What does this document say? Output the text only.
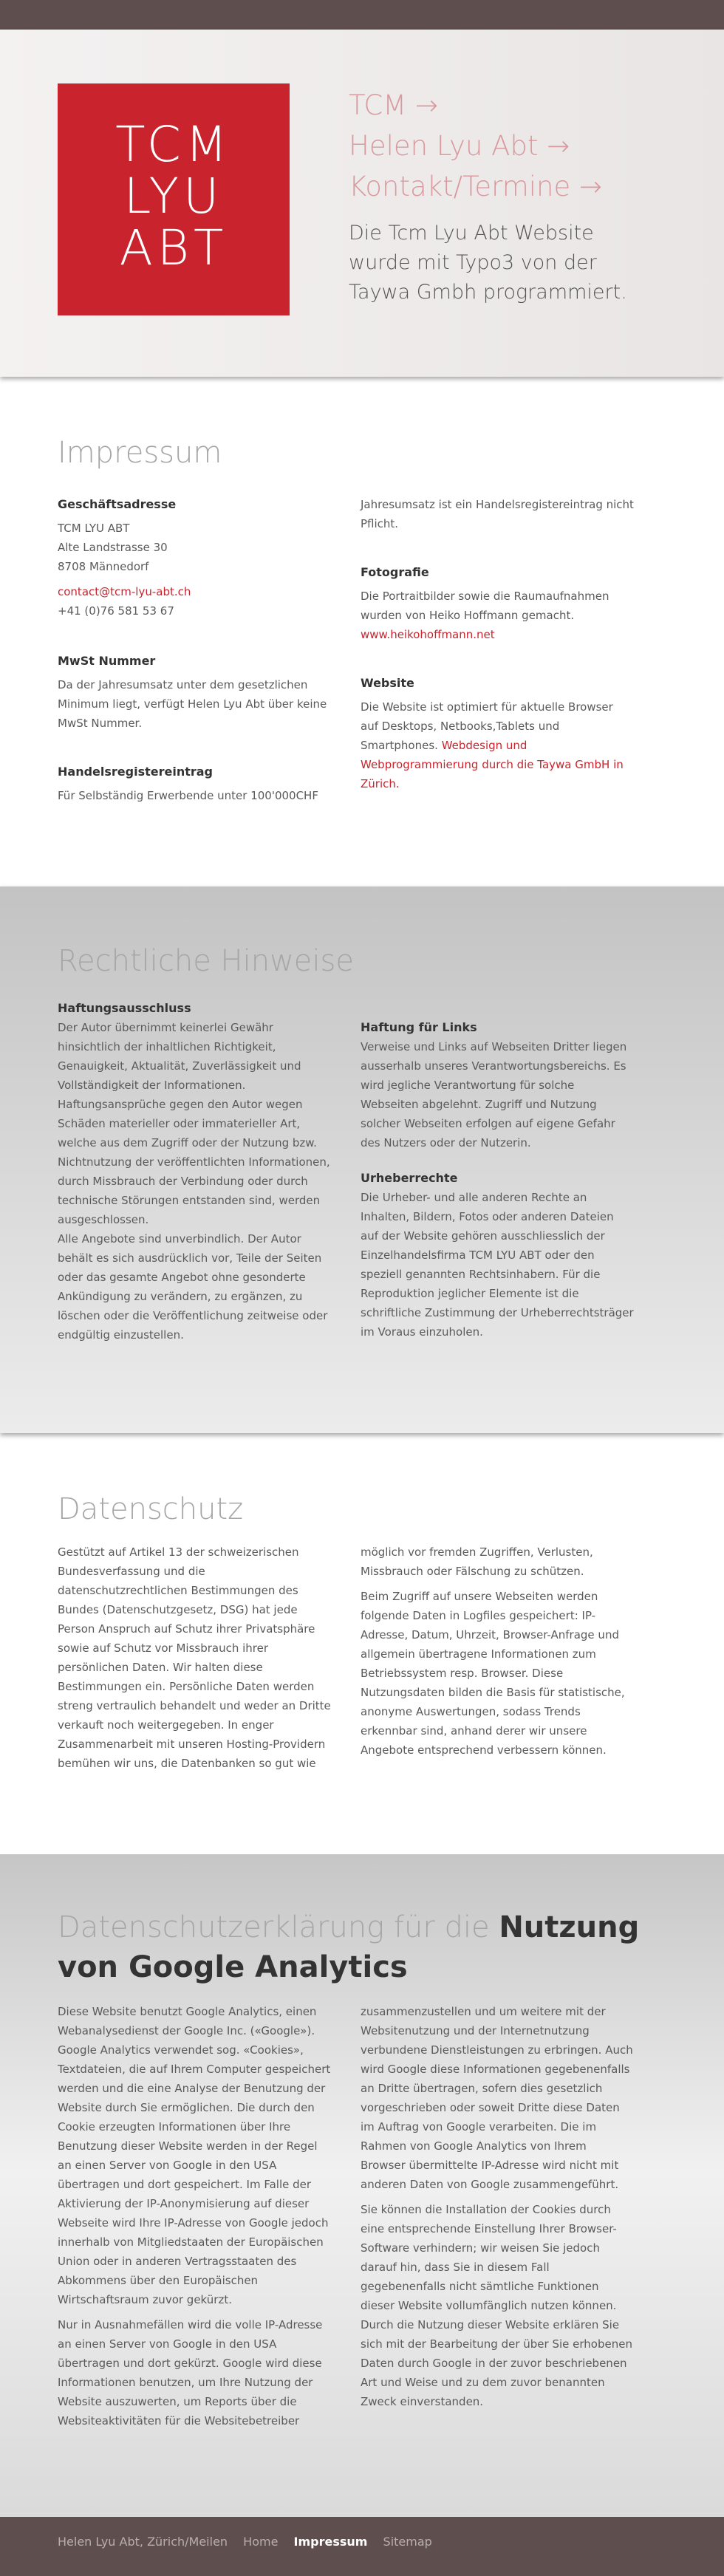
TCM
LYU
ABT
TCM →
Helen Lyu Abt →
Kontakt/Termine →
Die Tcm Lyu Abt Website wurde mit Typo3 von der Taywa Gmbh programmiert.
Impressum
Geschäftsadresse
TCM LYU ABT
Alte Landstrasse 30
8708 Männedorf
contact@tcm-lyu-abt.ch
+41 (0)76 581 53 67
MwSt Nummer

Da der Jahresumsatz unter dem gesetzlichen Minimum liegt, verfügt Helen Lyu Abt über keine MwSt Nummer.

Handelsregistereintrag

Für Selbständig Erwerbende unter 100'000CHF

Jahresumsatz ist ein Handelsregistereintrag nicht Pflicht.

Fotografie

Die Portraitbilder sowie die Raumaufnahmen wurden von Heiko Hoffmann gemacht. www.heikohoffmann.net

Website

Die Website ist optimiert für aktuelle Browser auf Desktops, Netbooks,Tablets und Smartphones. Webdesign und Webprogrammierung durch die Taywa GmbH in Zürich.

Rechtliche Hinweise
Haftungsausschluss

Der Autor übernimmt keinerlei Gewähr hinsichtlich der inhaltlichen Richtigkeit, Genauigkeit, Aktualität, Zuverlässigkeit und Vollständigkeit der Informationen.

Haftungsansprüche gegen den Autor wegen Schäden materieller oder immaterieller Art, welche aus dem Zugriff oder der Nutzung bzw. Nichtnutzung der veröffentlichten Informationen, durch Missbrauch der Verbindung oder durch technische Störungen entstanden sind, werden ausgeschlossen.

Alle Angebote sind unverbindlich. Der Autor behält es sich ausdrücklich vor, Teile der Seiten oder das gesamte Angebot ohne gesonderte Ankündigung zu verändern, zu ergänzen, zu löschen oder die Veröffentlichung zeitweise oder endgültig einzustellen.

Haftung für Links

Verweise und Links auf Webseiten Dritter liegen ausserhalb unseres Verantwortungsbereichs. Es wird jegliche Verantwortung für solche Webseiten abgelehnt. Zugriff und Nutzung solcher Webseiten erfolgen auf eigene Gefahr des Nutzers oder der Nutzerin.

Urheberrechte

Die Urheber- und alle anderen Rechte an Inhalten, Bildern, Fotos oder anderen Dateien auf der Website gehören ausschliesslich der Einzelhandelsfirma TCM LYU ABT oder den speziell genannten Rechtsinhabern. Für die Reproduktion jeglicher Elemente ist die schriftliche Zustimmung der Urheberrechtsträger im Voraus einzuholen.

Datenschutz

Gestützt auf Artikel 13 der schweizerischen Bundesverfassung und die datenschutzrechtlichen Bestimmungen des Bundes (Datenschutzgesetz, DSG) hat jede Person Anspruch auf Schutz ihrer Privatsphäre sowie auf Schutz vor Missbrauch ihrer persönlichen Daten. Wir halten diese Bestimmungen ein. Persönliche Daten werden streng vertraulich behandelt und weder an Dritte verkauft noch weitergegeben. In enger Zusammenarbeit mit unseren Hosting-Providern bemühen wir uns, die Datenbanken so gut wie

möglich vor fremden Zugriffen, Verlusten, Missbrauch oder Fälschung zu schützen.

Beim Zugriff auf unsere Webseiten werden folgende Daten in Logfiles gespeichert: IP-Adresse, Datum, Uhrzeit, Browser-Anfrage und allgemein übertragene Informationen zum Betriebssystem resp. Browser. Diese Nutzungsdaten bilden die Basis für statistische, anonyme Auswertungen, sodass Trends erkennbar sind, anhand derer wir unsere Angebote entsprechend verbessern können.

Datenschutzerklärung für die Nutzung von Google Analytics

Diese Website benutzt Google Analytics, einen Webanalysedienst der Google Inc. («Google»). Google Analytics verwendet sog. «Cookies», Textdateien, die auf Ihrem Computer gespeichert werden und die eine Analyse der Benutzung der Website durch Sie ermöglichen. Die durch den Cookie erzeugten Informationen über Ihre Benutzung dieser Website werden in der Regel an einen Server von Google in den USA übertragen und dort gespeichert. Im Falle der Aktivierung der IP-Anonymisierung auf dieser Webseite wird Ihre IP-Adresse von Google jedoch innerhalb von Mitgliedstaaten der Europäischen Union oder in anderen Vertragsstaaten des Abkommens über den Europäischen Wirtschaftsraum zuvor gekürzt.

Nur in Ausnahmefällen wird die volle IP-Adresse an einen Server von Google in den USA übertragen und dort gekürzt. Google wird diese Informationen benutzen, um Ihre Nutzung der Website auszuwerten, um Reports über die Websiteaktivitäten für die Websitebetreiber

zusammenzustellen und um weitere mit der Websitenutzung und der Internetnutzung verbundene Dienstleistungen zu erbringen. Auch wird Google diese Informationen gegebenenfalls an Dritte übertragen, sofern dies gesetzlich vorgeschrieben oder soweit Dritte diese Daten im Auftrag von Google verarbeiten. Die im Rahmen von Google Analytics von Ihrem Browser übermittelte IP-Adresse wird nicht mit anderen Daten von Google zusammengeführt.

Sie können die Installation der Cookies durch eine entsprechende Einstellung Ihrer Browser-Software verhindern; wir weisen Sie jedoch darauf hin, dass Sie in diesem Fall gegebenenfalls nicht sämtliche Funktionen dieser Website vollumfänglich nutzen können. Durch die Nutzung dieser Website erklären Sie sich mit der Bearbeitung der über Sie erhobenen Daten durch Google in der zuvor beschriebenen Art und Weise und zu dem zuvor benannten Zweck einverstanden.

Helen Lyu Abt, Zürich/Meilen Home Impressum Sitemap
